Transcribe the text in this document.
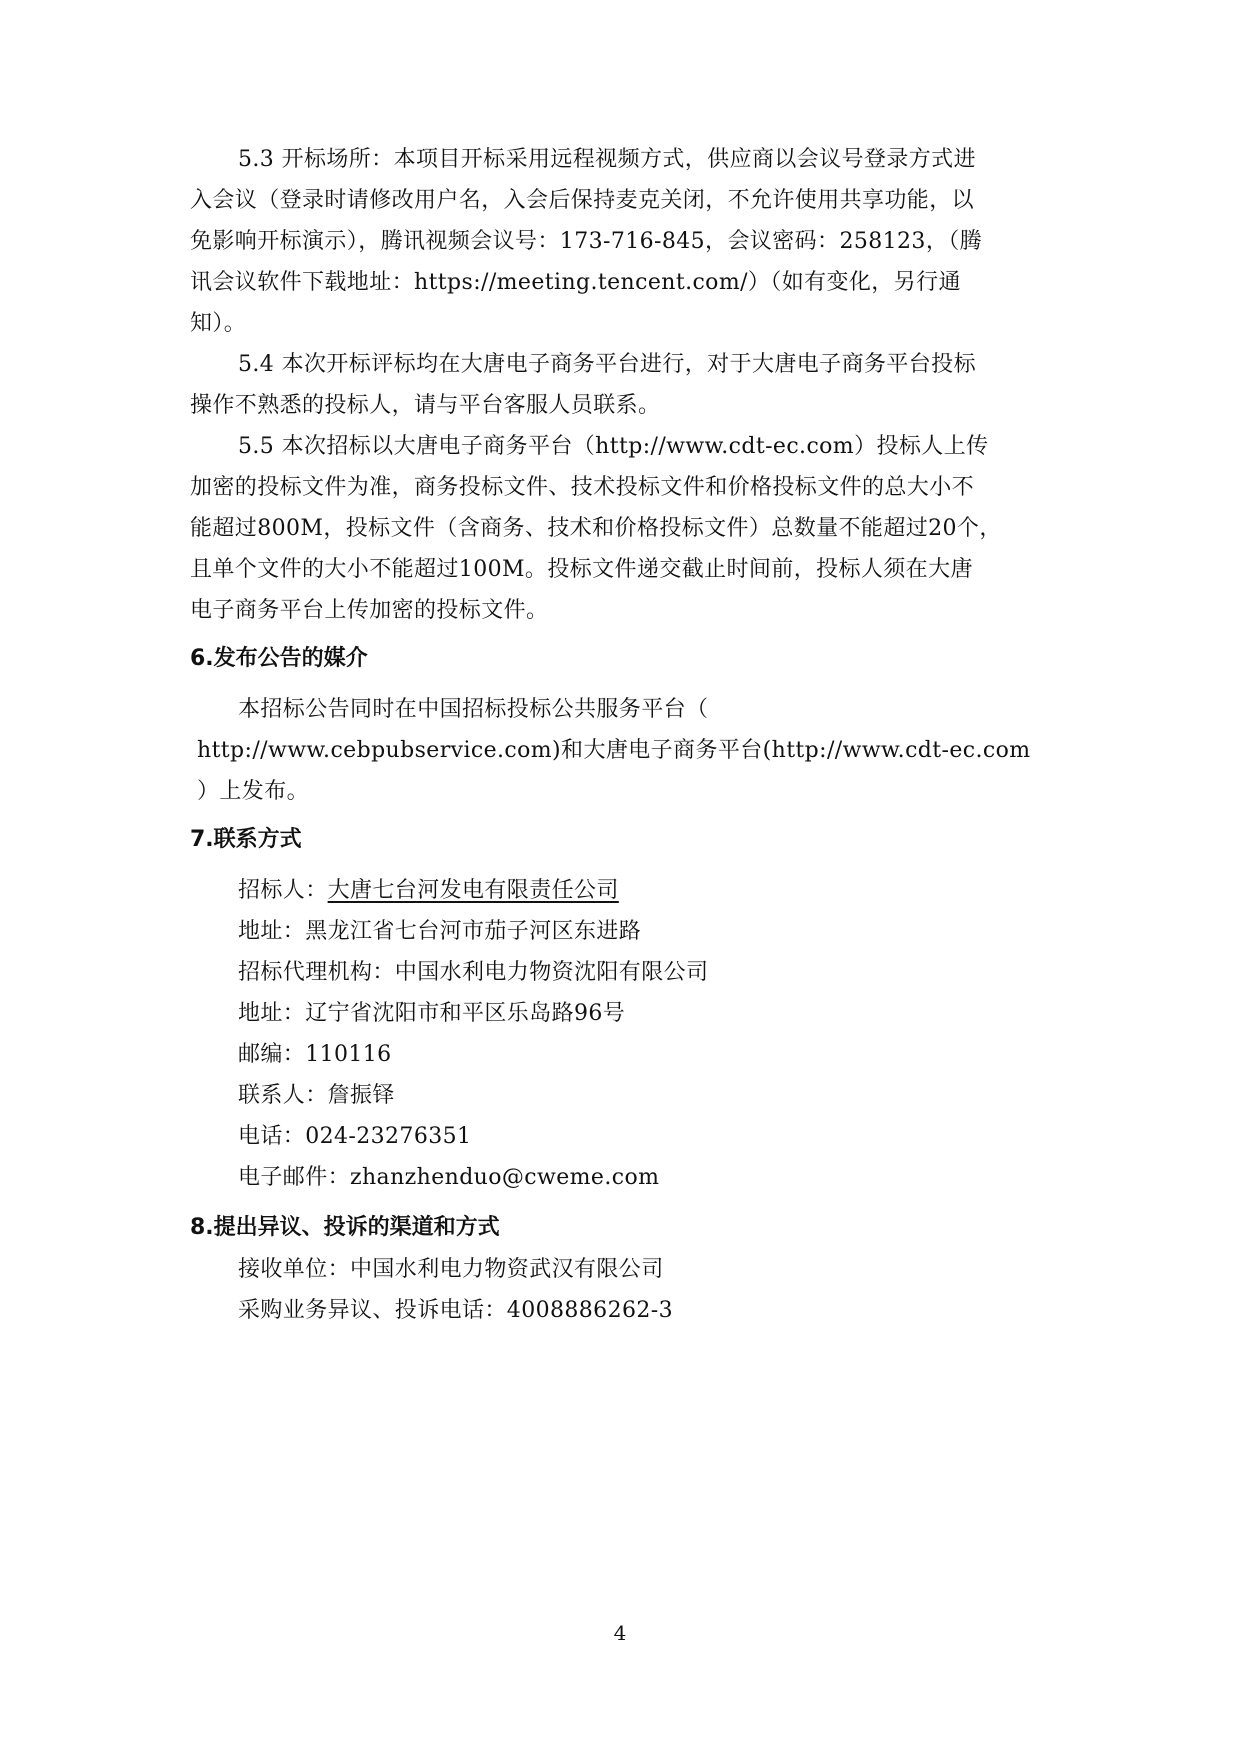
5.3 开标场所：本项目开标采用远程视频方式，供应商以会议号登录方式进
入会议（登录时请修改用户名，入会后保持麦克关闭，不允许使用共享功能，以
免影响开标演示），腾讯视频会议号：173-716-845，会议密码：258123，（腾
讯会议软件下载地址：https://meeting.tencent.com/）（如有变化，另行通
知）。
5.4 本次开标评标均在大唐电子商务平台进行，对于大唐电子商务平台投标
操作不熟悉的投标人，请与平台客服人员联系。
5.5 本次招标以大唐电子商务平台（http://www.cdt-ec.com）投标人上传
加密的投标文件为准，商务投标文件、技术投标文件和价格投标文件的总大小不
能超过800M，投标文件（含商务、技术和价格投标文件）总数量不能超过20个，
且单个文件的大小不能超过100M。投标文件递交截止时间前，投标人须在大唐
电子商务平台上传加密的投标文件。
6.发布公告的媒介
本招标公告同时在中国招标投标公共服务平台（
http://www.cebpubservice.com)和大唐电子商务平台(http://www.cdt-ec.com
）上发布。
7.联系方式
招标人：大唐七台河发电有限责任公司
地址：黑龙江省七台河市茄子河区东进路
招标代理机构：中国水利电力物资沈阳有限公司
地址：辽宁省沈阳市和平区乐岛路96号
邮编：110116
联系人：詹振铎
电话：024-23276351
电子邮件：zhanzhenduo@cweme.com
8.提出异议、投诉的渠道和方式
接收单位：中国水利电力物资武汉有限公司
采购业务异议、投诉电话：4008886262-3
4
